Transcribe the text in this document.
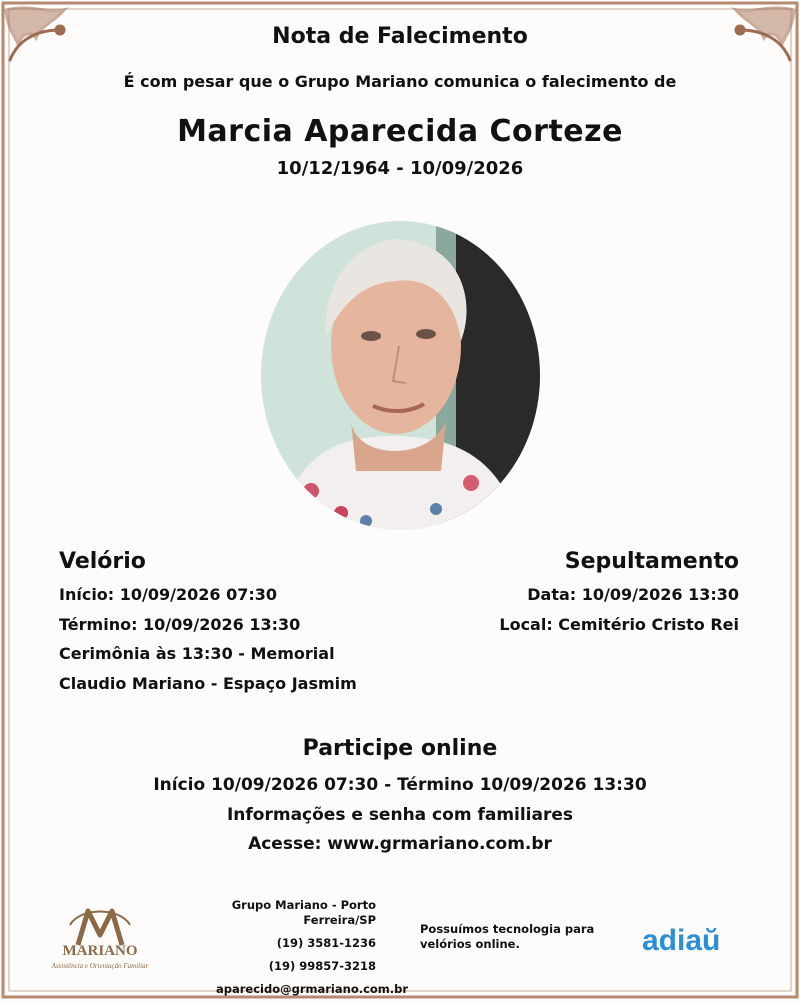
Nota de Falecimento
É com pesar que o Grupo Mariano comunica o falecimento de
Marcia Aparecida Corteze
10/12/1964 - 10/09/2026
Velório
Início: 10/09/2026 07:30
Término: 10/09/2026 13:30
Cerimônia às 13:30 - Memorial
Claudio Mariano - Espaço Jasmim
Sepultamento
Data: 10/09/2026 13:30
Local: Cemitério Cristo Rei
Participe online
Início 10/09/2026 07:30 - Término 10/09/2026 13:30
Informações e senha com familiares
Acesse: www.grmariano.com.br
MARIANO
Assistência e Orientação Familiar
Grupo Mariano - Porto Ferreira/SP
(19) 3581-1236
(19) 99857-3218
aparecido@grmariano.com.br
Possuímos tecnologia para velórios online.	adiaŭ
